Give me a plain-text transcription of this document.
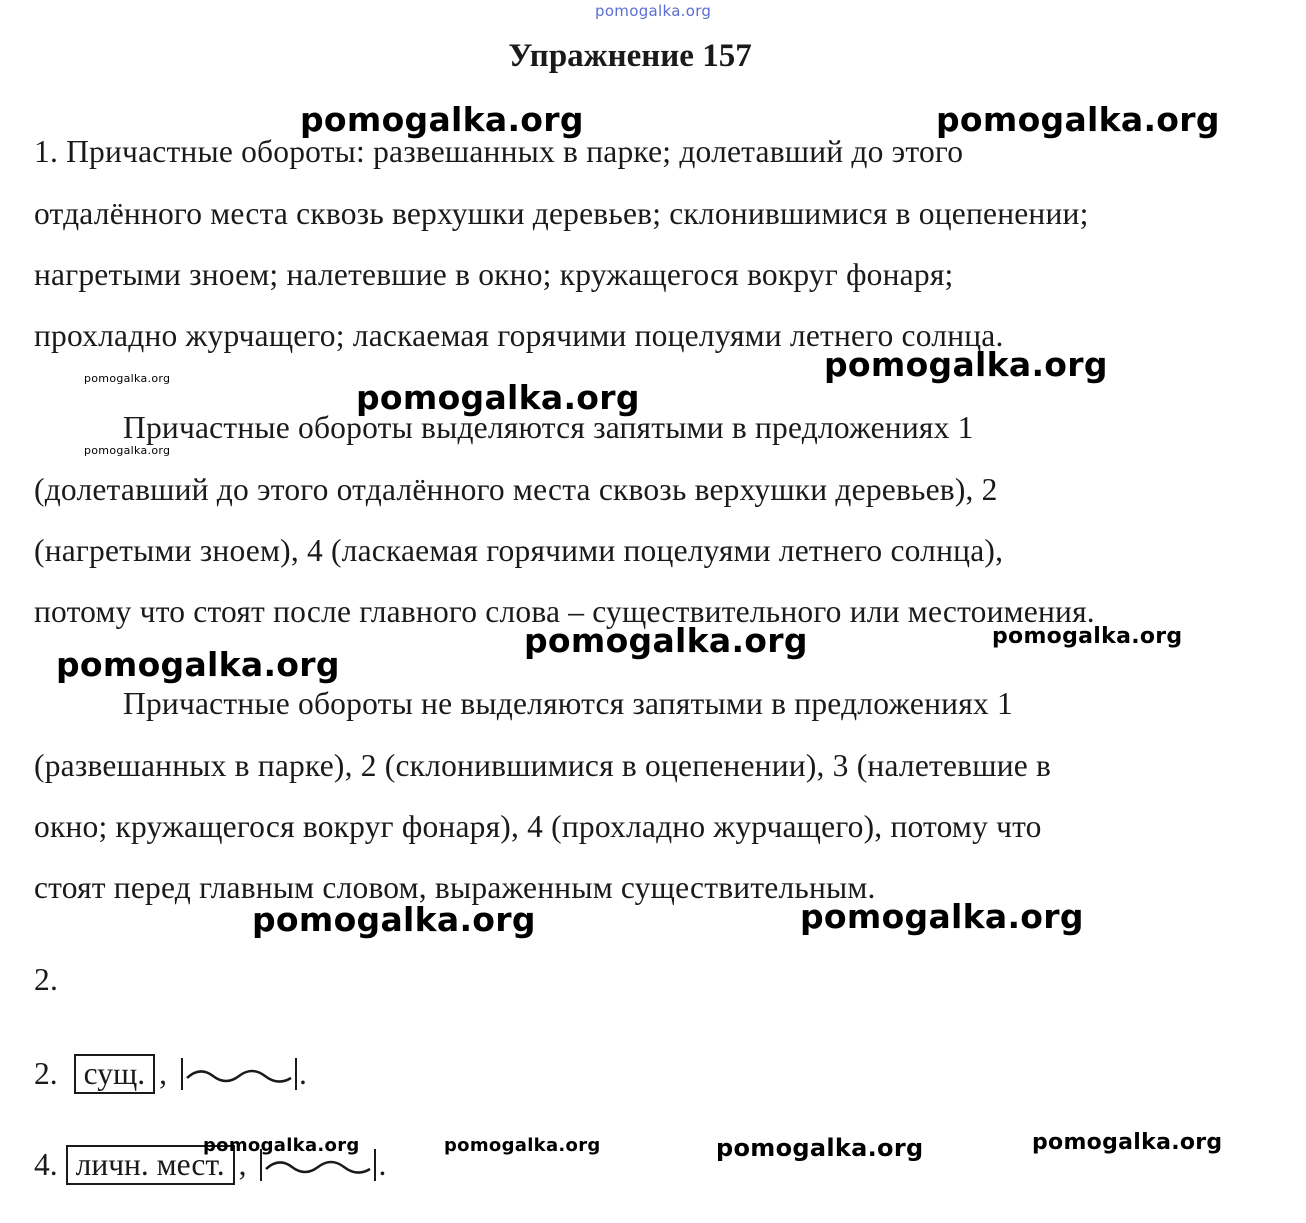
pomogalka.org
Упражнение 157
1. Причастные обороты: развешанных в парке; долетавший до этого
отдалённого места сквозь верхушки деревьев; склонившимися в оцепенении;
нагретыми зноем; налетевшие в окно; кружащегося вокруг фонаря;
прохладно журчащего; ласкаемая горячими поцелуями летнего солнца.
Причастные обороты выделяются запятыми в предложениях 1
(долетавший до этого отдалённого места сквозь верхушки деревьев), 2
(нагретыми зноем), 4 (ласкаемая горячими поцелуями летнего солнца),
потому что стоят после главного слова – существительного или местоимения.
Причастные обороты не выделяются запятыми в предложениях 1
(развешанных в парке), 2 (склонившимися в оцепенении), 3 (налетевшие в
окно; кружащегося вокруг фонаря), 4 (прохладно журчащего), потому что
стоят перед главным словом, выраженным существительным.
2.
2. сущ. ,	.
4. личн. мест. ,	.
pomogalka.org	pomogalka.org
pomogalka.org
pomogalka.org	pomogalka.org
pomogalka.org
pomogalka.org	pomogalka.org
pomogalka.org
pomogalka.org	pomogalka.org
pomogalka.org
pomogalka.org
pomogalka.org	pomogalka.org
